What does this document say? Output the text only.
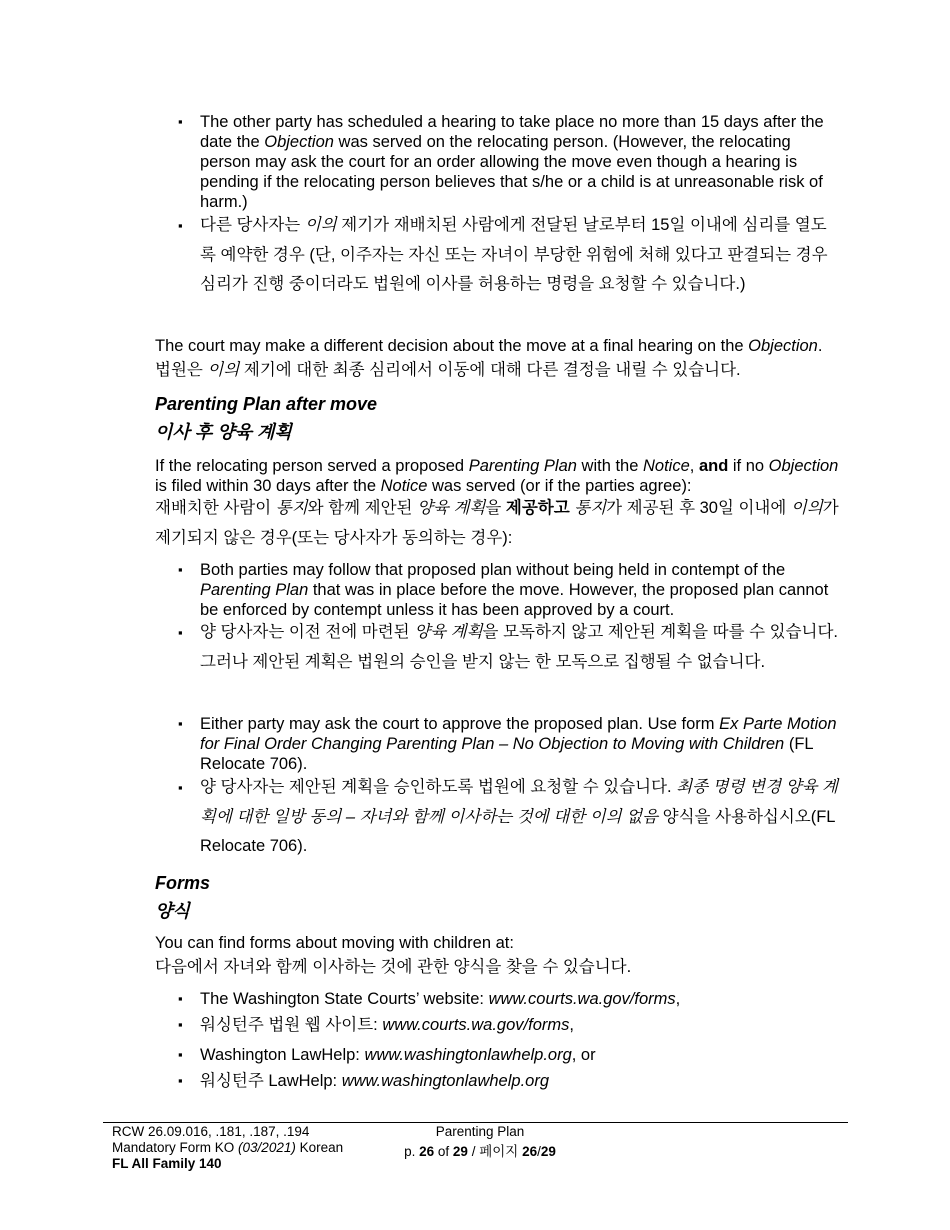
▪ The other party has scheduled a hearing to take place no more than 15 days after the date the Objection was served on the relocating person. (However, the relocating person may ask the court for an order allowing the move even though a hearing is pending if the relocating person believes that s/he or a child is at unreasonable risk of harm.)
▪ 다른 당사자는 이의 제기가 재배치된 사람에게 전달된 날로부터 15일 이내에 심리를 열도록 예약한 경우 (단, 이주자는 자신 또는 자녀이 부당한 위험에 처해 있다고 판결되는 경우 심리가 진행 중이더라도 법원에 이사를 허용하는 명령을 요청할 수 있습니다.)
The court may make a different decision about the move at a final hearing on the Objection.
법원은 이의 제기에 대한 최종 심리에서 이동에 대해 다른 결정을 내릴 수 있습니다.
Parenting Plan after move
이사 후 양육 계획
If the relocating person served a proposed Parenting Plan with the Notice, and if no Objection is filed within 30 days after the Notice was served (or if the parties agree):
재배치한 사람이 통지와 함께 제안된 양육 계획을 제공하고 통지가 제공된 후 30일 이내에 이의가 제기되지 않은 경우(또는 당사자가 동의하는 경우):
▪ Both parties may follow that proposed plan without being held in contempt of the Parenting Plan that was in place before the move. However, the proposed plan cannot be enforced by contempt unless it has been approved by a court.
▪ 양 당사자는 이전 전에 마련된 양육 계획을 모독하지 않고 제안된 계획을 따를 수 있습니다. 그러나 제안된 계획은 법원의 승인을 받지 않는 한 모독으로 집행될 수 없습니다.
▪ Either party may ask the court to approve the proposed plan. Use form Ex Parte Motion for Final Order Changing Parenting Plan – No Objection to Moving with Children (FL Relocate 706).
▪ 양 당사자는 제안된 계획을 승인하도록 법원에 요청할 수 있습니다. 최종 명령 변경 양육 계획에 대한 일방 동의 – 자녀와 함께 이사하는 것에 대한 이의 없음 양식을 사용하십시오(FL Relocate 706).
Forms
양식
You can find forms about moving with children at:
다음에서 자녀와 함께 이사하는 것에 관한 양식을 찾을 수 있습니다.
▪ The Washington State Courts’ website: www.courts.wa.gov/forms,
▪ 워싱턴주 법원 웹 사이트: www.courts.wa.gov/forms,
▪ Washington LawHelp: www.washingtonlawhelp.org, or
▪ 워싱턴주 LawHelp: www.washingtonlawhelp.org
RCW 26.09.016, .181, .187, .194
Mandatory Form KO (03/2021) Korean
FL All Family 140
Parenting Plan
p. 26 of 29 / 페이지 26/29
